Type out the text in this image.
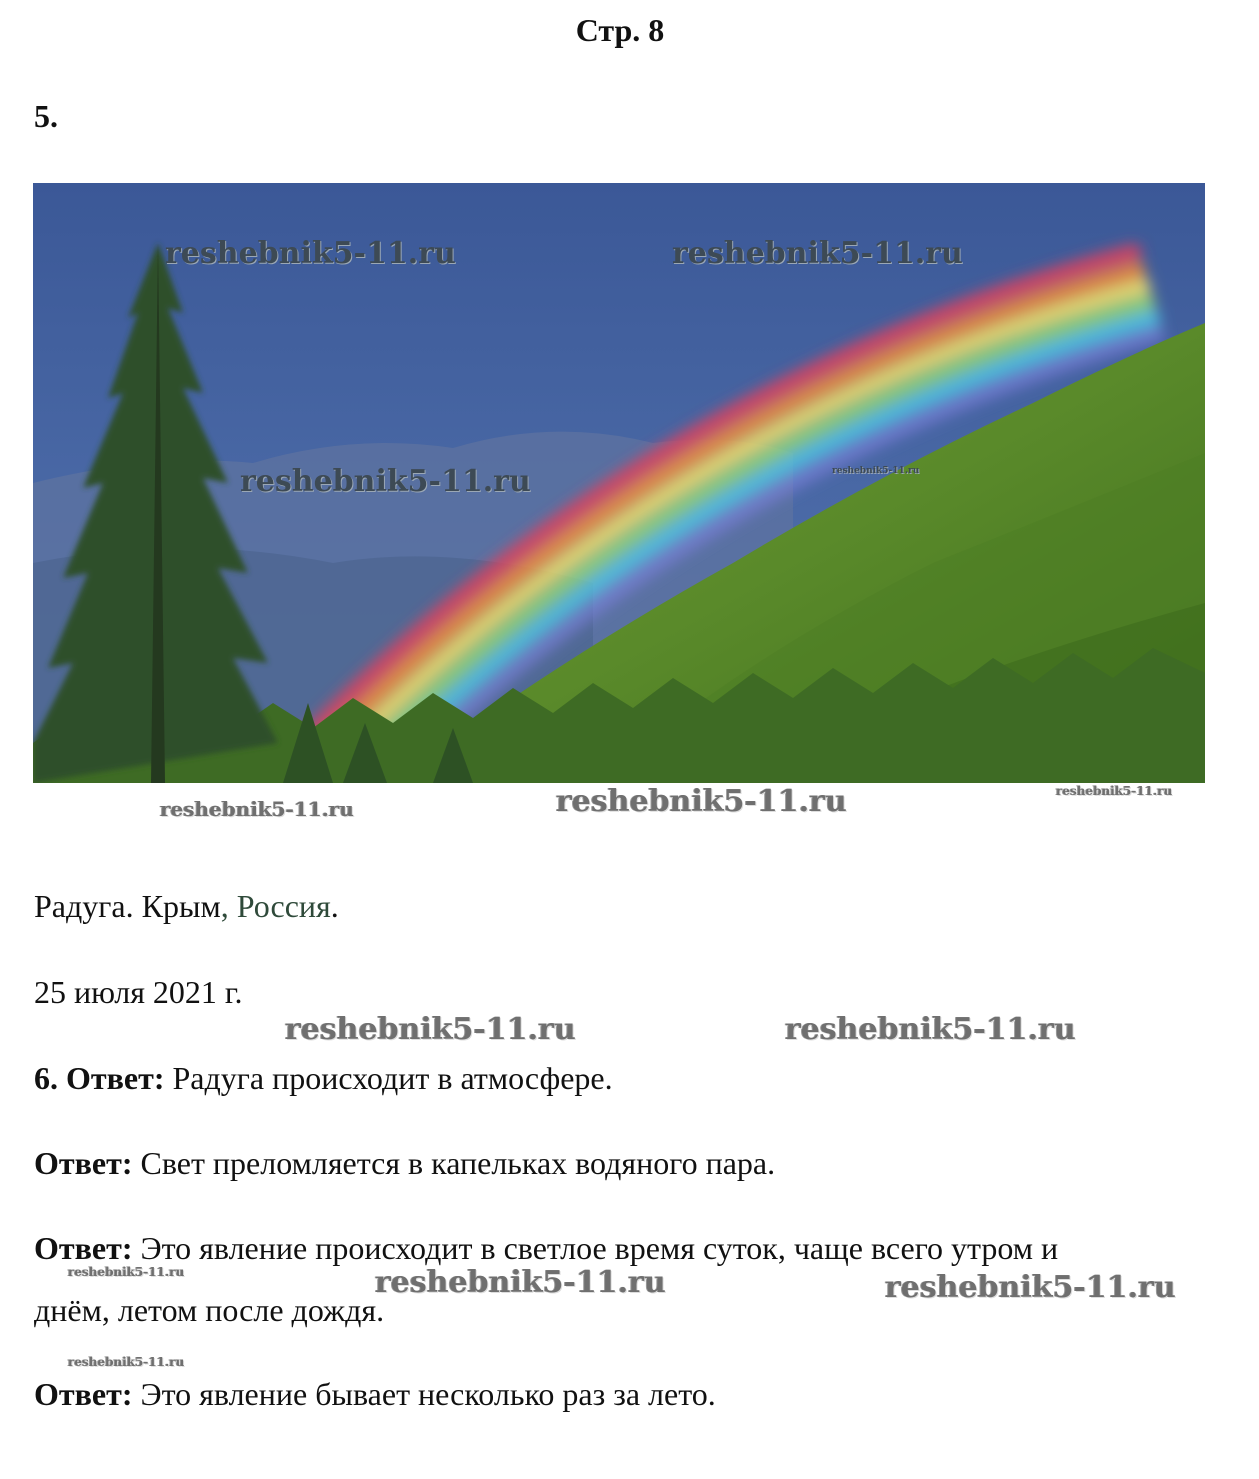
Стр. 8
5.
reshebnik5-11.ru	reshebnik5-11.ru
reshebnik5-11.ru	reshebnik5-11.ru
reshebnik5-11.ru	reshebnik5-11.ru	reshebnik5-11.ru
Радуга. Крым, Россия.
25 июля 2021 г.
reshebnik5-11.ru	reshebnik5-11.ru
6. Ответ: Радуга происходит в атмосфере.
Ответ: Свет преломляется в капельках водяного пара.
Ответ: Это явление происходит в светлое время суток, чаще всего утром и
reshebnik5-11.ru	reshebnik5-11.ru	reshebnik5-11.ru
днём, летом после дождя.
reshebnik5-11.ru
Ответ: Это явление бывает несколько раз за лето.
